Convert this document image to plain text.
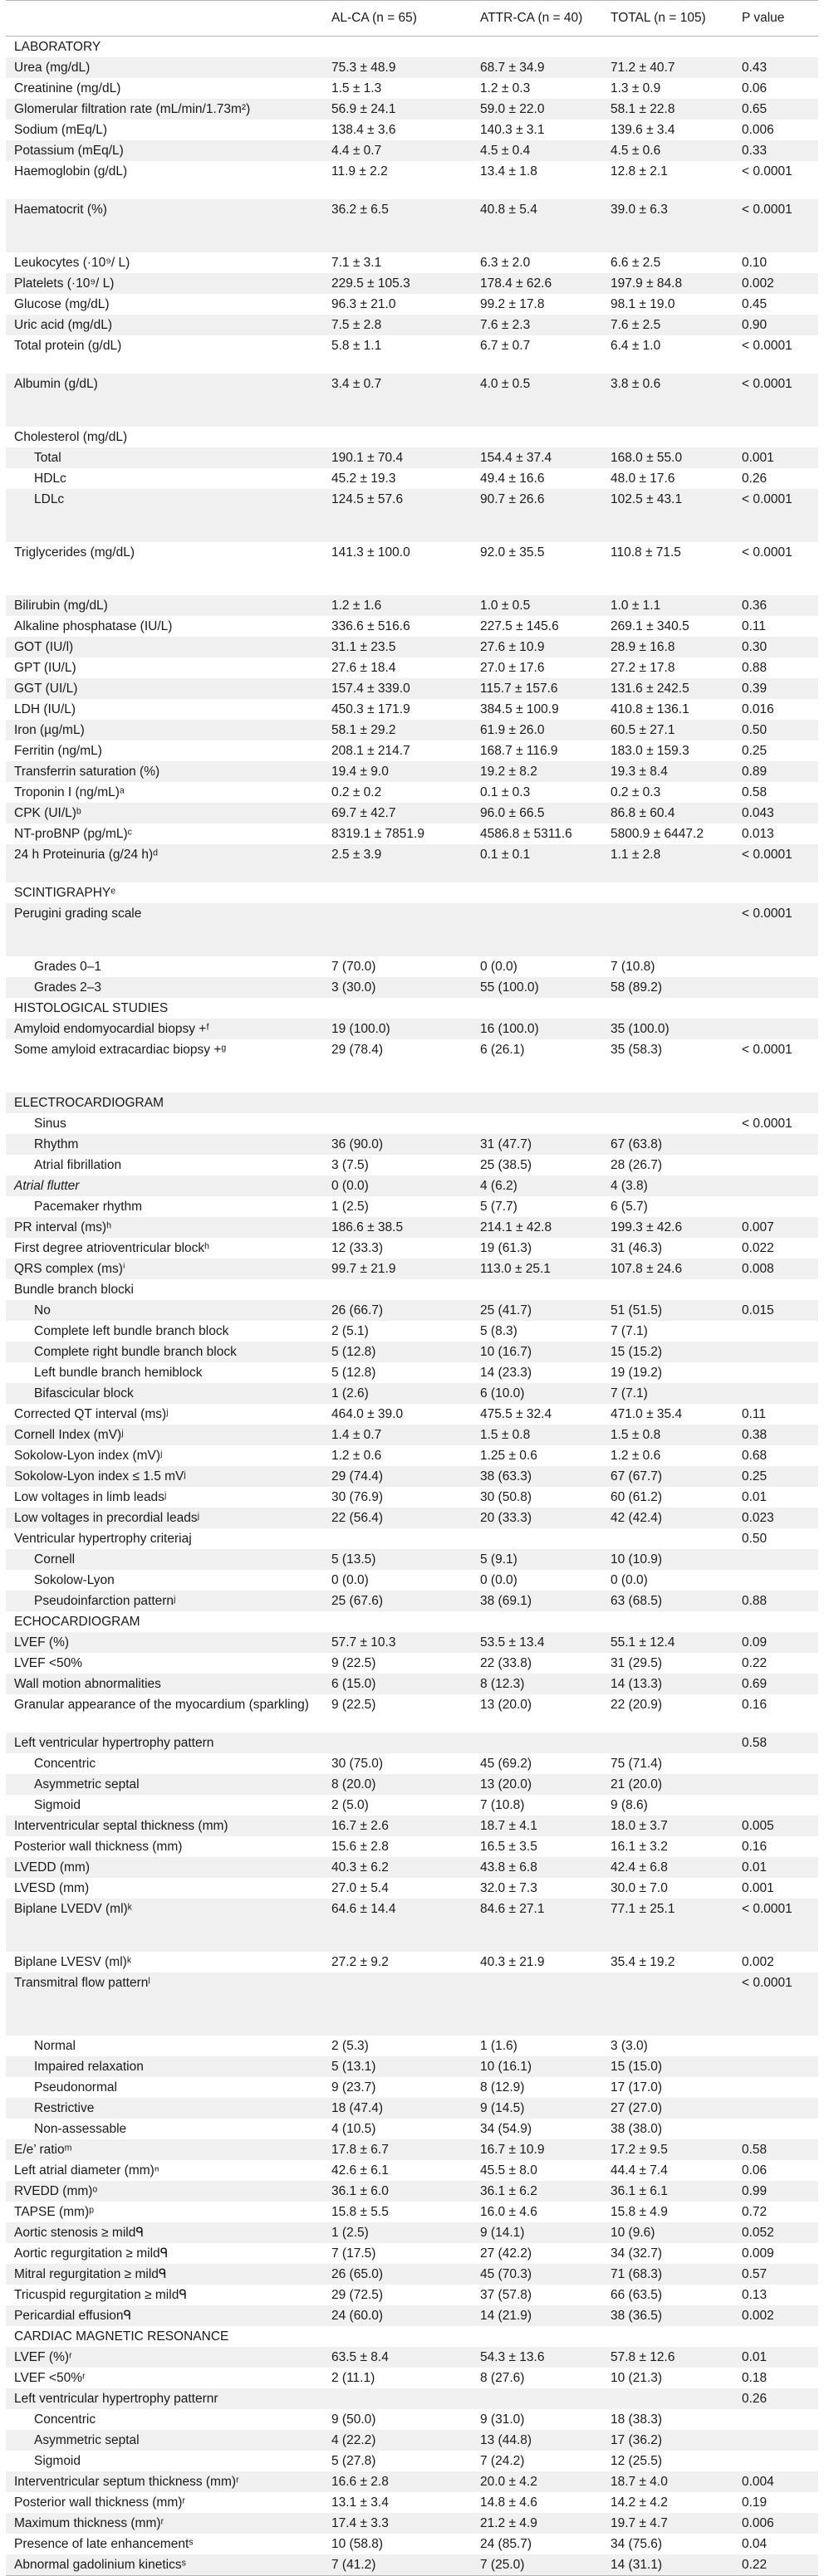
	AL-CA (n = 65)	ATTR-CA (n = 40)	TOTAL (n = 105)	P value
LABORATORY				
Urea (mg/dL)	75.3 ± 48.9	68.7 ± 34.9	71.2 ± 40.7	0.43
Creatinine (mg/dL)	1.5 ± 1.3	1.2 ± 0.3	1.3 ± 0.9	0.06
Glomerular filtration rate (mL/min/1.73m²)	56.9 ± 24.1	59.0 ± 22.0	58.1 ± 22.8	0.65
Sodium (mEq/L)	138.4 ± 3.6	140.3 ± 3.1	139.6 ± 3.4	0.006
Potassium (mEq/L)	4.4 ± 0.7	4.5 ± 0.4	4.5 ± 0.6	0.33
Haemoglobin (g/dL)	11.9 ± 2.2	13.4 ± 1.8	12.8 ± 2.1	< 0.0001
Haematocrit (%)	36.2 ± 6.5	40.8 ± 5.4	39.0 ± 6.3	< 0.0001
Leukocytes (·10⁹/ L)	7.1 ± 3.1	6.3 ± 2.0	6.6 ± 2.5	0.10
Platelets (·10⁹/ L)	229.5 ± 105.3	178.4 ± 62.6	197.9 ± 84.8	0.002
Glucose (mg/dL)	96.3 ± 21.0	99.2 ± 17.8	98.1 ± 19.0	0.45
Uric acid (mg/dL)	7.5 ± 2.8	7.6 ± 2.3	7.6 ± 2.5	0.90
Total protein (g/dL)	5.8 ± 1.1	6.7 ± 0.7	6.4 ± 1.0	< 0.0001
Albumin (g/dL)	3.4 ± 0.7	4.0 ± 0.5	3.8 ± 0.6	< 0.0001
Cholesterol (mg/dL)				
Total	190.1 ± 70.4	154.4 ± 37.4	168.0 ± 55.0	0.001
HDLc	45.2 ± 19.3	49.4 ± 16.6	48.0 ± 17.6	0.26
LDLc	124.5 ± 57.6	90.7 ± 26.6	102.5 ± 43.1	< 0.0001
Triglycerides (mg/dL)	141.3 ± 100.0	92.0 ± 35.5	110.8 ± 71.5	< 0.0001
Bilirubin (mg/dL)	1.2 ± 1.6	1.0 ± 0.5	1.0 ± 1.1	0.36
Alkaline phosphatase (IU/L)	336.6 ± 516.6	227.5 ± 145.6	269.1 ± 340.5	0.11
GOT (IU/l)	31.1 ± 23.5	27.6 ± 10.9	28.9 ± 16.8	0.30
GPT (IU/L)	27.6 ± 18.4	27.0 ± 17.6	27.2 ± 17.8	0.88
GGT (UI/L)	157.4 ± 339.0	115.7 ± 157.6	131.6 ± 242.5	0.39
LDH (IU/L)	450.3 ± 171.9	384.5 ± 100.9	410.8 ± 136.1	0.016
Iron (µg/mL)	58.1 ± 29.2	61.9 ± 26.0	60.5 ± 27.1	0.50
Ferritin (ng/mL)	208.1 ± 214.7	168.7 ± 116.9	183.0 ± 159.3	0.25
Transferrin saturation (%)	19.4 ± 9.0	19.2 ± 8.2	19.3 ± 8.4	0.89
Troponin I (ng/mL)ᵃ	0.2 ± 0.2	0.1 ± 0.3	0.2 ± 0.3	0.58
CPK (UI/L)ᵇ	69.7 ± 42.7	96.0 ± 66.5	86.8 ± 60.4	0.043
NT-proBNP (pg/mL)ᶜ	8319.1 ± 7851.9	4586.8 ± 5311.6	5800.9 ± 6447.2	0.013
24 h Proteinuria (g/24 h)ᵈ	2.5 ± 3.9	0.1 ± 0.1	1.1 ± 2.8	< 0.0001
SCINTIGRAPHYᵉ				
Perugini grading scale				< 0.0001
Grades 0–1	7 (70.0)	0 (0.0)	7 (10.8)	
Grades 2–3	3 (30.0)	55 (100.0)	58 (89.2)	
HISTOLOGICAL STUDIES				
Amyloid endomyocardial biopsy +ᶠ	19 (100.0)	16 (100.0)	35 (100.0)	
Some amyloid extracardiac biopsy +ᵍ	29 (78.4)	6 (26.1)	35 (58.3)	< 0.0001
ELECTROCARDIOGRAM				
Sinus				< 0.0001
Rhythm	36 (90.0)	31 (47.7)	67 (63.8)	
Atrial fibrillation	3 (7.5)	25 (38.5)	28 (26.7)	
Atrial flutter	0 (0.0)	4 (6.2)	4 (3.8)	
Pacemaker rhythm	1 (2.5)	5 (7.7)	6 (5.7)	
PR interval (ms)ʰ	186.6 ± 38.5	214.1 ± 42.8	199.3 ± 42.6	0.007
First degree atrioventricular blockʰ	12 (33.3)	19 (61.3)	31 (46.3)	0.022
QRS complex (ms)ⁱ	99.7 ± 21.9	113.0 ± 25.1	107.8 ± 24.6	0.008
Bundle branch blocki				
No	26 (66.7)	25 (41.7)	51 (51.5)	0.015
Complete left bundle branch block	2 (5.1)	5 (8.3)	7 (7.1)	
Complete right bundle branch block	5 (12.8)	10 (16.7)	15 (15.2)	
Left bundle branch hemiblock	5 (12.8)	14 (23.3)	19 (19.2)	
Bifascicular block	1 (2.6)	6 (10.0)	7 (7.1)	
Corrected QT interval (ms)ʲ	464.0 ± 39.0	475.5 ± 32.4	471.0 ± 35.4	0.11
Cornell Index (mV)ʲ	1.4 ± 0.7	1.5 ± 0.8	1.5 ± 0.8	0.38
Sokolow-Lyon index (mV)ʲ	1.2 ± 0.6	1.25 ± 0.6	1.2 ± 0.6	0.68
Sokolow-Lyon index ≤ 1.5 mVʲ	29 (74.4)	38 (63.3)	67 (67.7)	0.25
Low voltages in limb leadsʲ	30 (76.9)	30 (50.8)	60 (61.2)	0.01
Low voltages in precordial leadsʲ	22 (56.4)	20 (33.3)	42 (42.4)	0.023
Ventricular hypertrophy criteriaj				0.50
Cornell	5 (13.5)	5 (9.1)	10 (10.9)	
Sokolow-Lyon	0 (0.0)	0 (0.0)	0 (0.0)	
Pseudoinfarction patternʲ	25 (67.6)	38 (69.1)	63 (68.5)	0.88
ECHOCARDIOGRAM				
LVEF (%)	57.7 ± 10.3	53.5 ± 13.4	55.1 ± 12.4	0.09
LVEF <50%	9 (22.5)	22 (33.8)	31 (29.5)	0.22
Wall motion abnormalities	6 (15.0)	8 (12.3)	14 (13.3)	0.69
Granular appearance of the myocardium (sparkling)	9 (22.5)	13 (20.0)	22 (20.9)	0.16
Left ventricular hypertrophy pattern				0.58
Concentric	30 (75.0)	45 (69.2)	75 (71.4)	
Asymmetric septal	8 (20.0)	13 (20.0)	21 (20.0)	
Sigmoid	2 (5.0)	7 (10.8)	9 (8.6)	
Interventricular septal thickness (mm)	16.7 ± 2.6	18.7 ± 4.1	18.0 ± 3.7	0.005
Posterior wall thickness (mm)	15.6 ± 2.8	16.5 ± 3.5	16.1 ± 3.2	0.16
LVEDD (mm)	40.3 ± 6.2	43.8 ± 6.8	42.4 ± 6.8	0.01
LVESD (mm)	27.0 ± 5.4	32.0 ± 7.3	30.0 ± 7.0	0.001
Biplane LVEDV (ml)ᵏ	64.6 ± 14.4	84.6 ± 27.1	77.1 ± 25.1	< 0.0001
Biplane LVESV (ml)ᵏ	27.2 ± 9.2	40.3 ± 21.9	35.4 ± 19.2	0.002
Transmitral flow patternˡ				< 0.0001
Normal	2 (5.3)	1 (1.6)	3 (3.0)	
Impaired relaxation	5 (13.1)	10 (16.1)	15 (15.0)	
Pseudonormal	9 (23.7)	8 (12.9)	17 (17.0)	
Restrictive	18 (47.4)	9 (14.5)	27 (27.0)	
Non-assessable	4 (10.5)	34 (54.9)	38 (38.0)	
E/e’ ratioᵐ	17.8 ± 6.7	16.7 ± 10.9	17.2 ± 9.5	0.58
Left atrial diameter (mm)ⁿ	42.6 ± 6.1	45.5 ± 8.0	44.4 ± 7.4	0.06
RVEDD (mm)ᵒ	36.1 ± 6.0	36.1 ± 6.2	36.1 ± 6.1	0.99
TAPSE (mm)ᵖ	15.8 ± 5.5	16.0 ± 4.6	15.8 ± 4.9	0.72
Aortic stenosis ≥ mildᑫ	1 (2.5)	9 (14.1)	10 (9.6)	0.052
Aortic regurgitation ≥ mildᑫ	7 (17.5)	27 (42.2)	34 (32.7)	0.009
Mitral regurgitation ≥ mildᑫ	26 (65.0)	45 (70.3)	71 (68.3)	0.57
Tricuspid regurgitation ≥ mildᑫ	29 (72.5)	37 (57.8)	66 (63.5)	0.13
Pericardial effusionᑫ	24 (60.0)	14 (21.9)	38 (36.5)	0.002
CARDIAC MAGNETIC RESONANCE				
LVEF (%)ʳ	63.5 ± 8.4	54.3 ± 13.6	57.8 ± 12.6	0.01
LVEF <50%ʳ	2 (11.1)	8 (27.6)	10 (21.3)	0.18
Left ventricular hypertrophy patternr				0.26
Concentric	9 (50.0)	9 (31.0)	18 (38.3)	
Asymmetric septal	4 (22.2)	13 (44.8)	17 (36.2)	
Sigmoid	5 (27.8)	7 (24.2)	12 (25.5)	
Interventricular septum thickness (mm)ʳ	16.6 ± 2.8	20.0 ± 4.2	18.7 ± 4.0	0.004
Posterior wall thickness (mm)ʳ	13.1 ± 3.4	14.8 ± 4.6	14.2 ± 4.2	0.19
Maximum thickness (mm)ʳ	17.4 ± 3.3	21.2 ± 4.9	19.7 ± 4.7	0.006
Presence of late enhancementˢ	10 (58.8)	24 (85.7)	34 (75.6)	0.04
Abnormal gadolinium kineticsˢ	7 (41.2)	7 (25.0)	14 (31.1)	0.22
